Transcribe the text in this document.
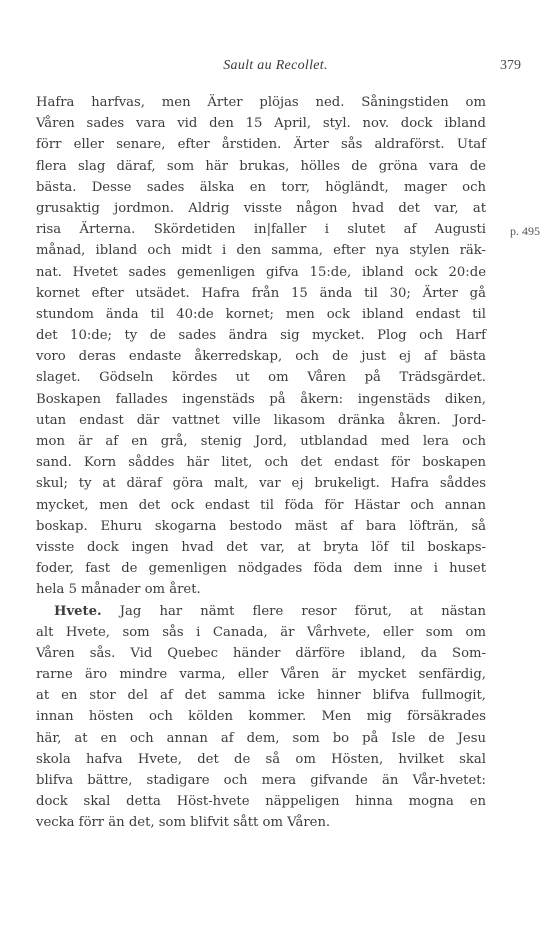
Sault au Recollet.	379
p. 495
Hafra harfvas, men Ärter plöjas ned. Såningstiden om
Våren sades vara vid den 15 April, styl. nov. dock ibland
förr eller senare, efter årstiden. Ärter sås aldraförst. Utaf
flera slag däraf, som här brukas, hölles de gröna vara de
bästa. Desse sades älska en torr, högländt, mager och
grusaktig jordmon. Aldrig visste någon hvad det var, at
risa Ärterna. Skördetiden in|faller i slutet af Augusti
månad, ibland och midt i den samma, efter nya stylen räk-
nat. Hvetet sades gemenligen gifva 15:de, ibland ock 20:de
kornet efter utsädet. Hafra från 15 ända til 30; Ärter gå
stundom ända til 40:de kornet; men ock ibland endast til
det 10:de; ty de sades ändra sig mycket. Plog och Harf
voro deras endaste åkerredskap, och de just ej af bästa
slaget. Gödseln kördes ut om Våren på Trädsgärdet.
Boskapen fallades ingenstäds på åkern: ingenstäds diken,
utan endast där vattnet ville likasom dränka åkren. Jord-
mon är af en grå, stenig Jord, utblandad med lera och
sand. Korn såddes här litet, och det endast för boskapen
skul; ty at däraf göra malt, var ej brukeligt. Hafra såddes
mycket, men det ock endast til föda för Hästar och annan
boskap. Ehuru skogarna bestodo mäst af bara löfträn, så
visste dock ingen hvad det var, at bryta löf til boskaps-
foder, fast de gemenligen nödgades föda dem inne i huset
hela 5 månader om året.
Hvete. Jag har nämt flere resor förut, at nästan
alt Hvete, som sås i Canada, är Vårhvete, eller som om
Våren sås. Vid Quebec händer därföre ibland, da Som-
rarne äro mindre varma, eller Våren är mycket senfärdig,
at en stor del af det samma icke hinner blifva fullmogit,
innan hösten och kölden kommer. Men mig försäkrades
här, at en och annan af dem, som bo på Isle de Jesu
skola hafva Hvete, det de så om Hösten, hvilket skal
blifva bättre, stadigare och mera gifvande än Vår-hvetet:
dock skal detta Höst-hvete näppeligen hinna mogna en
vecka förr än det, som blifvit sått om Våren.
